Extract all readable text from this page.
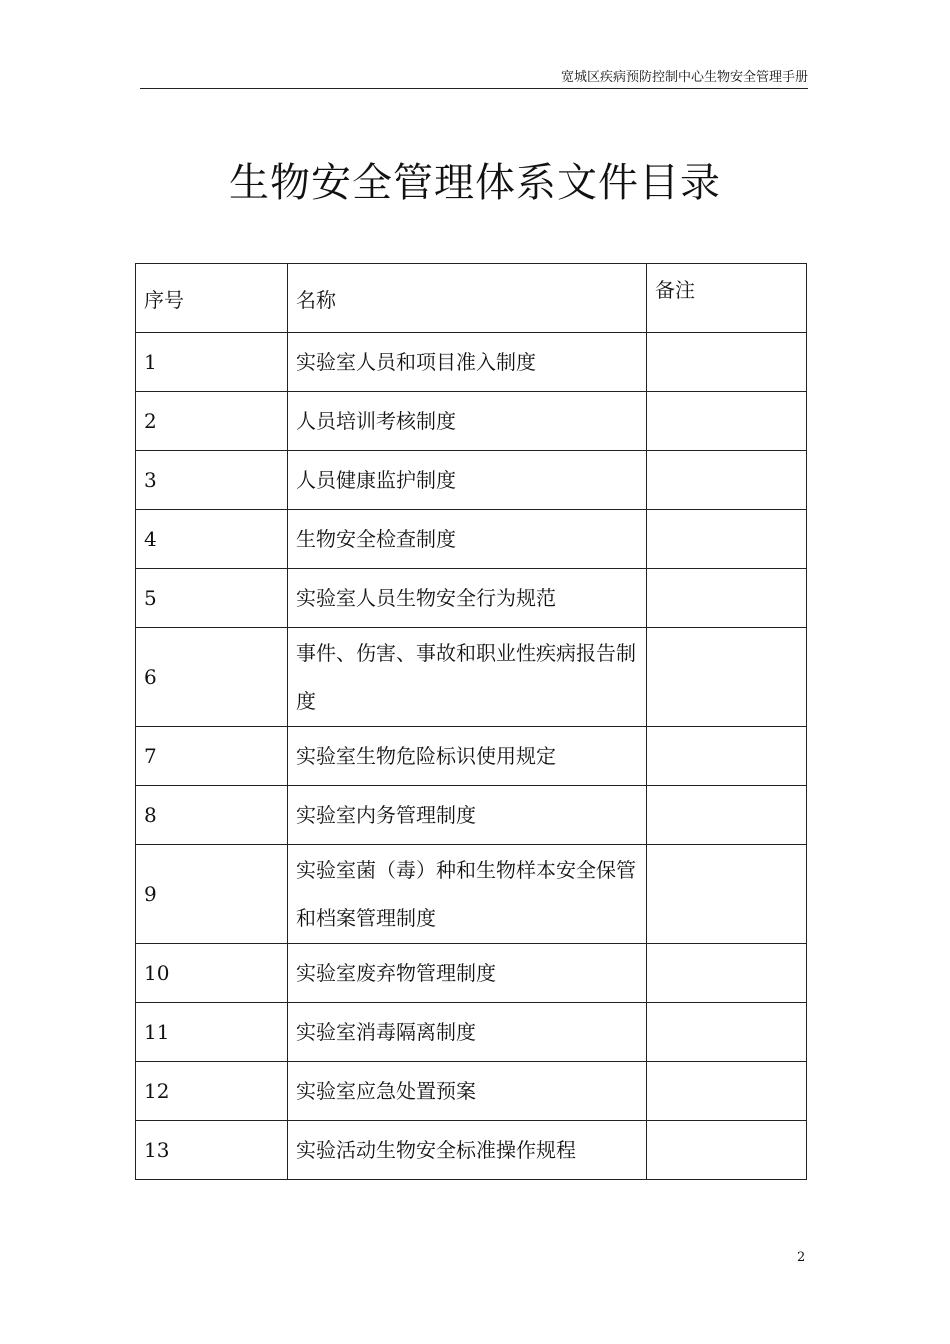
宽城区疾病预防控制中心生物安全管理手册
生物安全管理体系文件目录
序号	名称	备注
1	实验室人员和项目准入制度	
2	人员培训考核制度	
3	人员健康监护制度	
4	生物安全检查制度	
5	实验室人员生物安全行为规范	
6	事件、伤害、事故和职业性疾病报告制度	
7	实验室生物危险标识使用规定	
8	实验室内务管理制度	
9	实验室菌（毒）种和生物样本安全保管和档案管理制度	
10	实验室废弃物管理制度	
11	实验室消毒隔离制度	
12	实验室应急处置预案	
13	实验活动生物安全标准操作规程	
2
